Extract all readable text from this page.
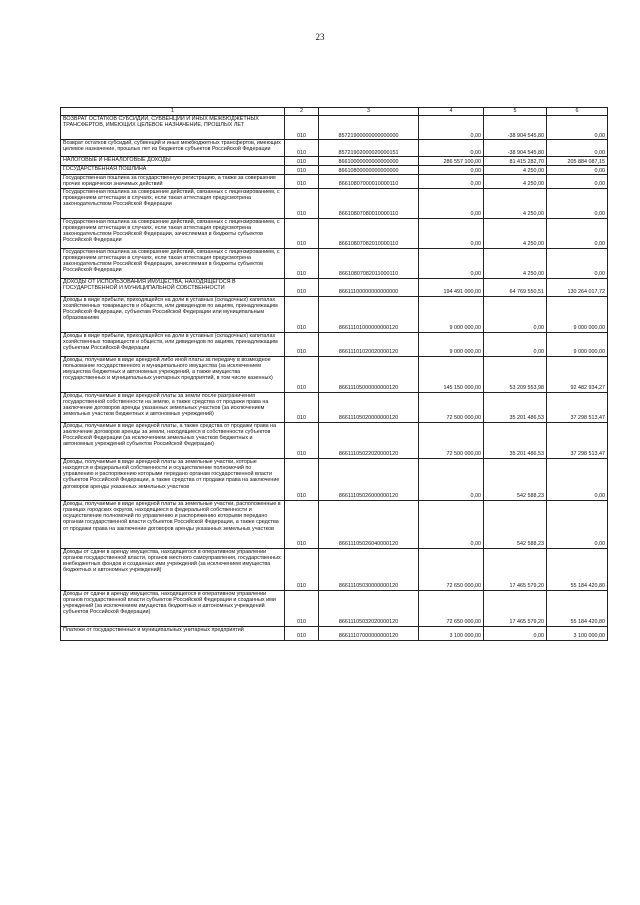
23
1	2	3	4	5	6
ВОЗВРАТ ОСТАТКОВ СУБСИДИЙ, СУБВЕНЦИЙ И ИНЫХ МЕЖБЮДЖЕТНЫХ ТРАНСФЕРТОВ, ИМЕЮЩИХ ЦЕЛЕВОЕ НАЗНАЧЕНИЕ, ПРОШЛЫХ ЛЕТ	010	85721900000000000000	0,00	-38 904 545,80	0,00
Возврат остатков субсидий, субвенций и иных межбюджетных трансфертов, имеющих целевое назначение, прошлых лет из бюджетов субъектов Российской Федерации	010	85721902000020000151	0,00	-38 904 545,80	0,00
НАЛОГОВЫЕ И НЕНАЛОГОВЫЕ ДОХОДЫ	010	86610000000000000000	286 557 100,00	81 415 282,70	205 884 087,15
ГОСУДАРСТВЕННАЯ ПОШЛИНА	010	86610800000000000000	0,00	4 250,00	0,00
Государственная пошлина за государственную регистрацию, а также за совершение прочих юридически значимых действий	010	86610807000010000110	0,00	4 250,00	0,00
Государственная пошлина за совершение действий, связанных с лицензированием, с проведением аттестации в случаях, если такая аттестация предусмотрена законодательством Российской Федерации	010	86610807080010000110	0,00	4 250,00	0,00
Государственная пошлина за совершение действий, связанных с лицензированием, с проведением аттестации в случаях, если такая аттестация предусмотрена законодательством Российской Федерации, зачисляемая в бюджеты субъектов Российской Федерации	010	86610807082010000110	0,00	4 250,00	0,00
Государственная пошлина за совершение действий, связанных с лицензированием, с проведением аттестации в случаях, если такая аттестация предусмотрена законодательством Российской Федерации, зачисляемая в бюджеты субъектов Российской Федерации	010	86610807082011000110	0,00	4 250,00	0,00
ДОХОДЫ ОТ ИСПОЛЬЗОВАНИЯ ИМУЩЕСТВА, НАХОДЯЩЕГОСЯ В ГОСУДАРСТВЕННОЙ И МУНИЦИПАЛЬНОЙ СОБСТВЕННОСТИ	010	86611100000000000000	194 491 000,00	64 769 550,51	130 264 017,72
Доходы в виде прибыли, приходящейся на доли в уставных (складочных) капиталах хозяйственных товариществ и обществ, или дивидендов по акциям, принадлежащим Российской Федерации, субъектам Российской Федерации или муниципальным образованиям	010	86611101000000000120	9 000 000,00	0,00	9 000 000,00
Доходы в виде прибыли, приходящейся на доли в уставных (складочных) капиталах хозяйственных товариществ и обществ, или дивидендов по акциям, принадлежащим субъектам Российской Федерации	010	86611101020020000120	9 000 000,00	0,00	9 000 000,00
Доходы, получаемые в виде арендной либо иной платы за передачу в возмездное пользование государственного и муниципального имущества (за исключением имущества бюджетных и автономных учреждений, а также имущества государственных и муниципальных унитарных предприятий, в том числе казенных)	010	86611105000000000120	145 150 000,00	53 209 553,98	92 482 934,27
Доходы, получаемые в виде арендной платы за земли после разграничения государственной собственности на землю, а также средства от продажи права на заключение договоров аренды указанных земельных участков (за исключением земельных участков бюджетных и автономных учреждений)	010	86611105020000000120	72 500 000,00	35 201 486,53	37 298 513,47
Доходы, получаемые в виде арендной платы, а также средства от продажи права на заключение договоров аренды за земли, находящиеся в собственности субъектов Российской Федерации (за исключением земельных участков бюджетных и автономных учреждений субъектов Российской Федерации)	010	86611105022020000120	72 500 000,00	35 201 486,53	37 298 513,47
Доходы, получаемые в виде арендной платы за земельные участки, которые находятся в федеральной собственности и осуществление полномочий по управлению и распоряжению которыми передано органам государственной власти субъектов Российской Федерации, а также средства от продажи права на заключение договоров аренды указанных земельных участков	010	86611105026000000120	0,00	542 588,23	0,00
Доходы, получаемые в виде арендной платы за земельные участки, расположенные в границах городских округов, находящиеся в федеральной собственности и осуществление полномочий по управлению и распоряжению которыми передано органам государственной власти субъектов Российской Федерации, а также средства от продажи права на заключение договоров аренды указанных земельных участков	010	86611105026040000120	0,00	542 588,23	0,00
Доходы от сдачи в аренду имущества, находящегося в оперативном управлении органов государственной власти, органов местного самоуправления, государственных внебюджетных фондов и созданных ими учреждений (за исключением имущества бюджетных и автономных учреждений)	010	86611105030000000120	72 650 000,00	17 465 579,20	55 184 420,80
Доходы от сдачи в аренду имущества, находящегося в оперативном управлении органов государственной власти субъектов Российской Федерации и созданных ими учреждений (за исключением имущества бюджетных и автономных учреждений субъектов Российской Федерации)	010	86611105032020000120	72 650 000,00	17 465 579,20	55 184 420,80
Платежи от государственных и муниципальных унитарных предприятий	010	86611107000000000120	3 100 000,00	0,00	3 100 000,00
